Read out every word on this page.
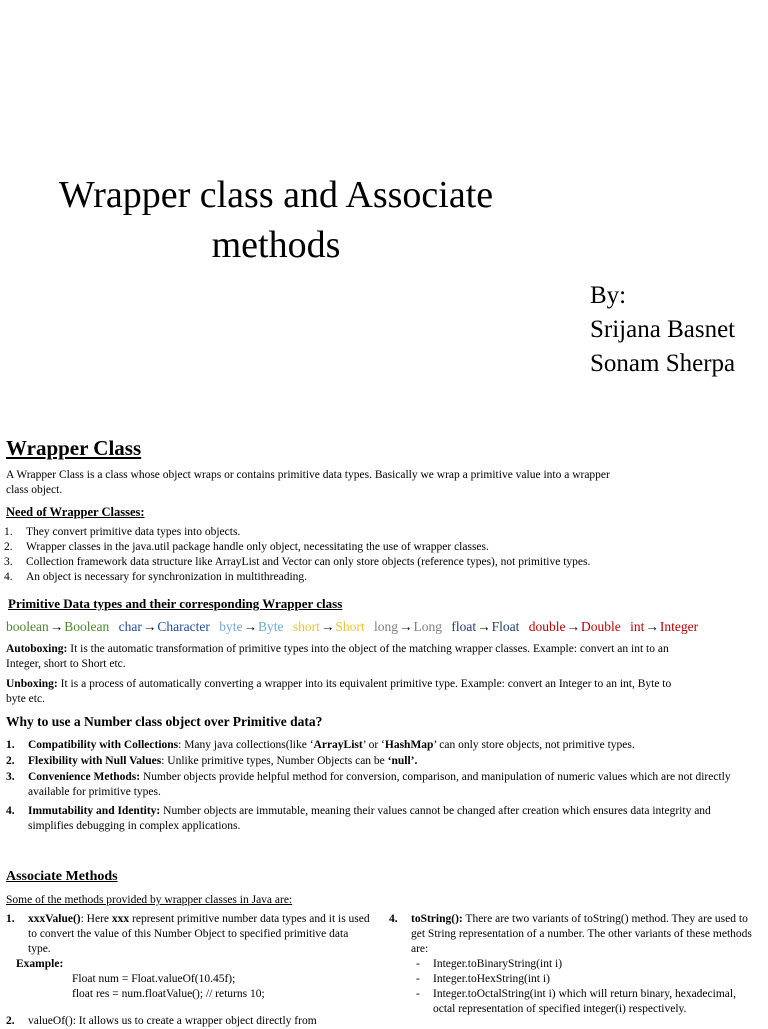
Wrapper class and Associate
methods
By:
Srijana Basnet
Sonam Sherpa
Wrapper Class
A Wrapper Class is a class whose object wraps or contains primitive data types. Basically we wrap a primitive value into a wrapper
class object.
Need of Wrapper Classes:
1. They convert primitive data types into objects.
2. Wrapper classes in the java.util package handle only object, necessitating the use of wrapper classes.
3. Collection framework data structure like ArrayList and Vector can only store objects (reference types), not primitive types.
4. An object is necessary for synchronization in multithreading.
Primitive Data types and their corresponding Wrapper class
boolean→Boolean char→Character byte→Byte short→Short long→Long float→Float double→Double int→Integer
Autoboxing: It is the automatic transformation of primitive types into the object of the matching wrapper classes. Example: convert an int to an
Integer, short to Short etc.
Unboxing: It is a process of automatically converting a wrapper into its equivalent primitive type. Example: convert an Integer to an int, Byte to
byte etc.
Why to use a Number class object over Primitive data?
1. Compatibility with Collections: Many java collections(like ‘ArrayList’ or ‘HashMap’ can only store objects, not primitive types.
2. Flexibility with Null Values: Unlike primitive types, Number Objects can be ‘null’.
3. Convenience Methods: Number objects provide helpful method for conversion, comparison, and manipulation of numeric values which are not directly available for primitive types.
4. Immutability and Identity: Number objects are immutable, meaning their values cannot be changed after creation which ensures data integrity and simplifies debugging in complex applications.
Associate Methods
Some of the methods provided by wrapper classes in Java are:
1. xxxValue(): Here xxx represent primitive number data types and it is used to convert the value of this Number Object to specified primitive data type.
Example:
Float num = Float.valueOf(10.45f);
float res = num.floatValue(); // returns 10;
2. valueOf(): It allows us to create a wrapper object directly from
4. toString(): There are two variants of toString() method. They are used to get String representation of a number. The other variants of these methods are:
- Integer.toBinaryString(int i)
- Integer.toHexString(int i)
- Integer.toOctalString(int i) which will return binary, hexadecimal, octal representation of specified integer(i) respectively.
